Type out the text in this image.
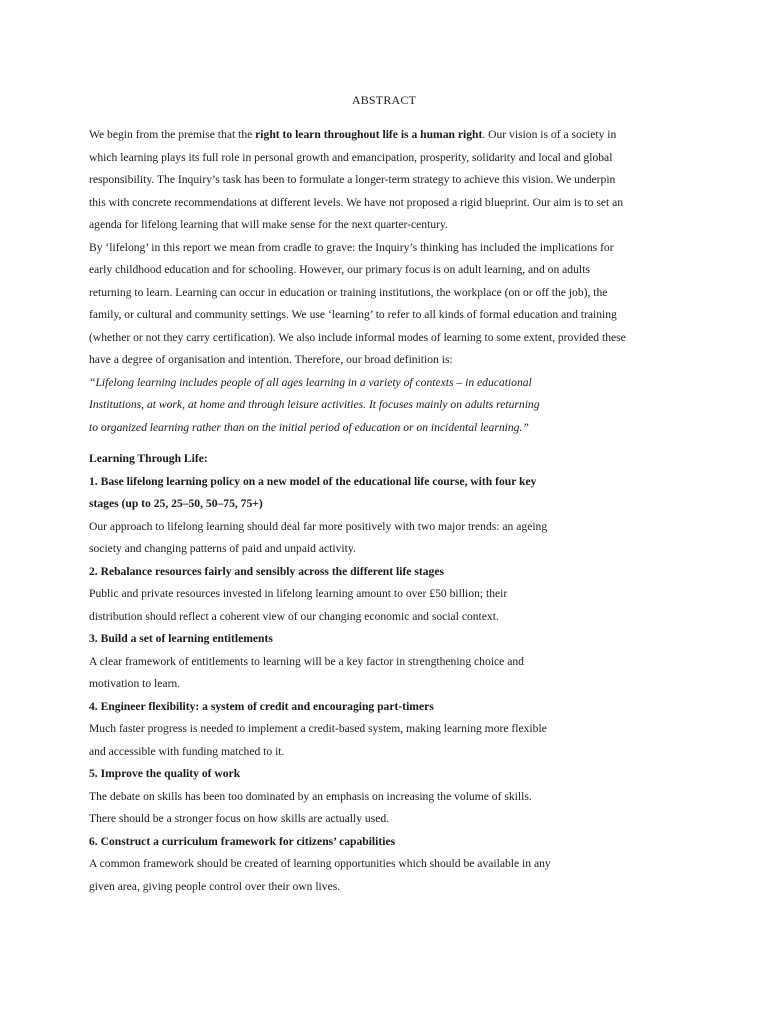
ABSTRACT
We begin from the premise that the right to learn throughout life is a human right. Our vision is of a society in
which learning plays its full role in personal growth and emancipation, prosperity, solidarity and local and global
responsibility. The Inquiry’s task has been to formulate a longer-term strategy to achieve this vision. We underpin
this with concrete recommendations at different levels. We have not proposed a rigid blueprint. Our aim is to set an
agenda for lifelong learning that will make sense for the next quarter-century.
By ‘lifelong’ in this report we mean from cradle to grave: the Inquiry’s thinking has included the implications for
early childhood education and for schooling. However, our primary focus is on adult learning, and on adults
returning to learn. Learning can occur in education or training institutions, the workplace (on or off the job), the
family, or cultural and community settings. We use ‘learning’ to refer to all kinds of formal education and training
(whether or not they carry certification). We also include informal modes of learning to some extent, provided these
have a degree of organisation and intention. Therefore, our broad definition is:
“Lifelong learning includes people of all ages learning in a variety of contexts – in educational
Institutions, at work, at home and through leisure activities. It focuses mainly on adults returning
to organized learning rather than on the initial period of education or on incidental learning.”
Learning Through Life:
1. Base lifelong learning policy on a new model of the educational life course, with four key
stages (up to 25, 25–50, 50–75, 75+)
Our approach to lifelong learning should deal far more positively with two major trends: an ageing
society and changing patterns of paid and unpaid activity.
2. Rebalance resources fairly and sensibly across the different life stages
Public and private resources invested in lifelong learning amount to over £50 billion; their
distribution should reflect a coherent view of our changing economic and social context.
3. Build a set of learning entitlements
A clear framework of entitlements to learning will be a key factor in strengthening choice and
motivation to learn.
4. Engineer flexibility: a system of credit and encouraging part-timers
Much faster progress is needed to implement a credit-based system, making learning more flexible
and accessible with funding matched to it.
5. Improve the quality of work
The debate on skills has been too dominated by an emphasis on increasing the volume of skills.
There should be a stronger focus on how skills are actually used.
6. Construct a curriculum framework for citizens’ capabilities
A common framework should be created of learning opportunities which should be available in any
given area, giving people control over their own lives.
